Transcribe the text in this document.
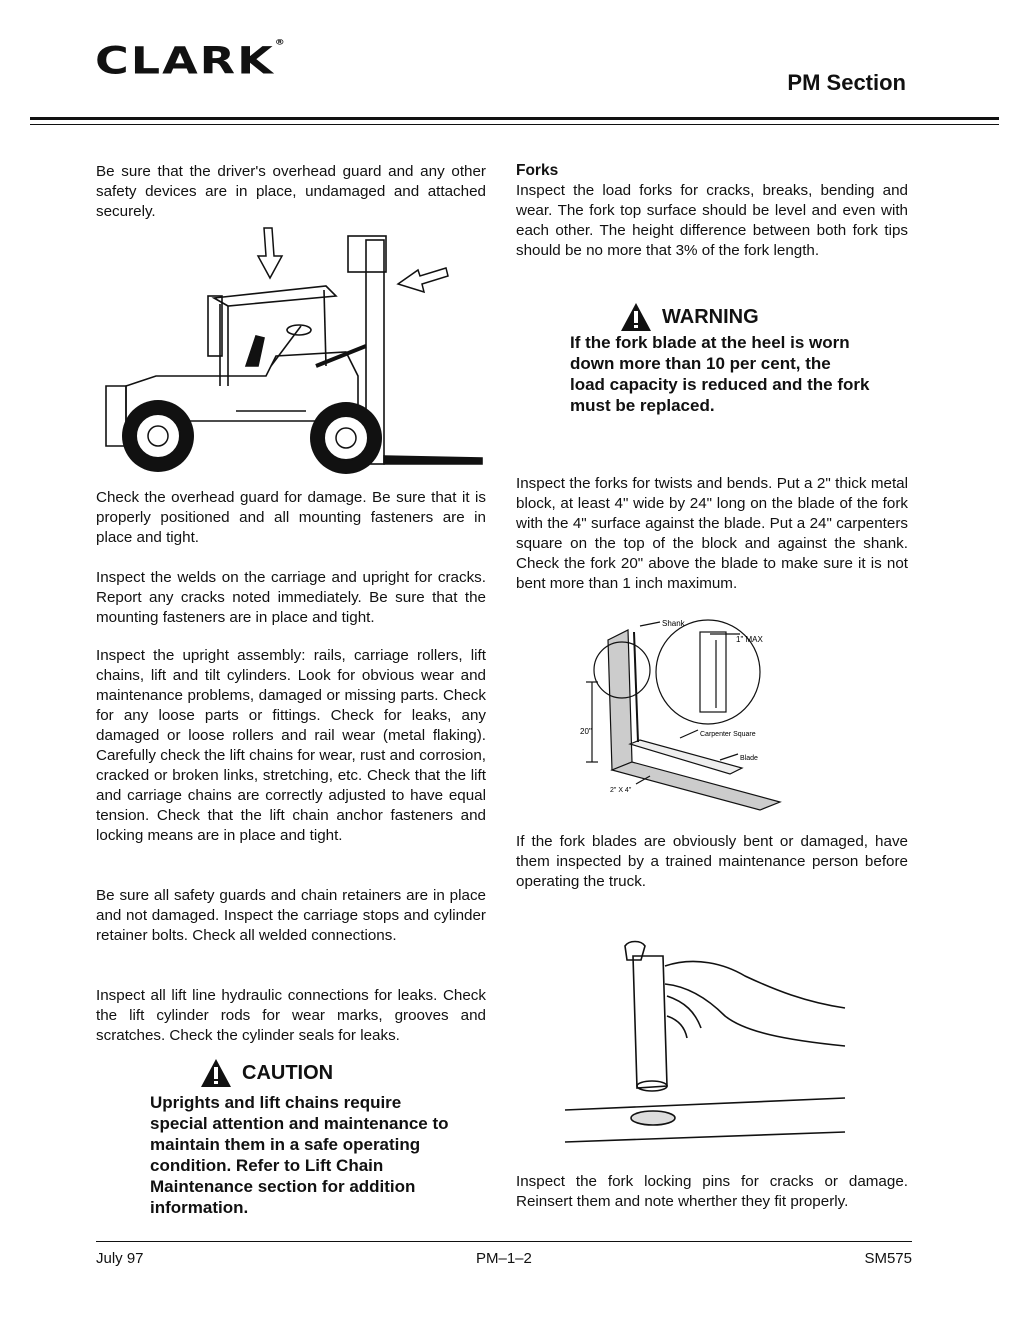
CLARK®
PM Section
Be sure that the driver's overhead guard and any other safety devices are in place, undamaged and attached securely.
Check the overhead guard for damage. Be sure that it is properly positioned and all mounting fasteners are in place and tight.
Inspect the welds on the carriage and upright for cracks. Report any cracks noted immediately. Be sure that the mounting fasteners are in place and tight.
Inspect the upright assembly: rails, carriage rollers, lift chains, lift and tilt cylinders. Look for obvious wear and maintenance problems, damaged or missing parts. Check for any loose parts or fittings. Check for leaks, any damaged or loose rollers and rail wear (metal flaking). Carefully check the lift chains for wear, rust and corrosion, cracked or broken links, stretching, etc. Check that the lift and carriage chains are correctly adjusted to have equal tension. Check that the lift chain anchor fasteners and locking means are in place and tight.
Be sure all safety guards and chain retainers are in place and not damaged. Inspect the carriage stops and cylinder retainer bolts. Check all welded connections.
Inspect all lift line hydraulic connections for leaks. Check the lift cylinder rods for wear marks, grooves and scratches. Check the cylinder seals for leaks.
CAUTION
Uprights and lift chains require special attention and maintenance to maintain them in a safe operating condition. Refer to Lift Chain Maintenance section for addition information.
Forks
Inspect the load forks for cracks, breaks, bending and wear. The fork top surface should be level and even with each other. The height difference between both fork tips should be no more that 3% of the fork length.
WARNING
If the fork blade at the heel is worn down more than 10 per cent, the load capacity is reduced and the fork must be replaced.
Inspect the forks for twists and bends. Put a 2" thick metal block, at least 4" wide by 24" long on the blade of the fork with the 4" surface against the blade. Put a 24" carpenters square on the top of the block and against the shank. Check the fork 20" above the blade to make sure it is not bent more than 1 inch maximum.
Shank
1" MAX
20"	Carpenter Square
Blade
2" X 4"
If the fork blades are obviously bent or damaged, have them inspected by a trained maintenance person before operating the truck.
Inspect the fork locking pins for cracks or damage. Reinsert them and note wherther they fit properly.
July 97	PM–1–2	SM575
